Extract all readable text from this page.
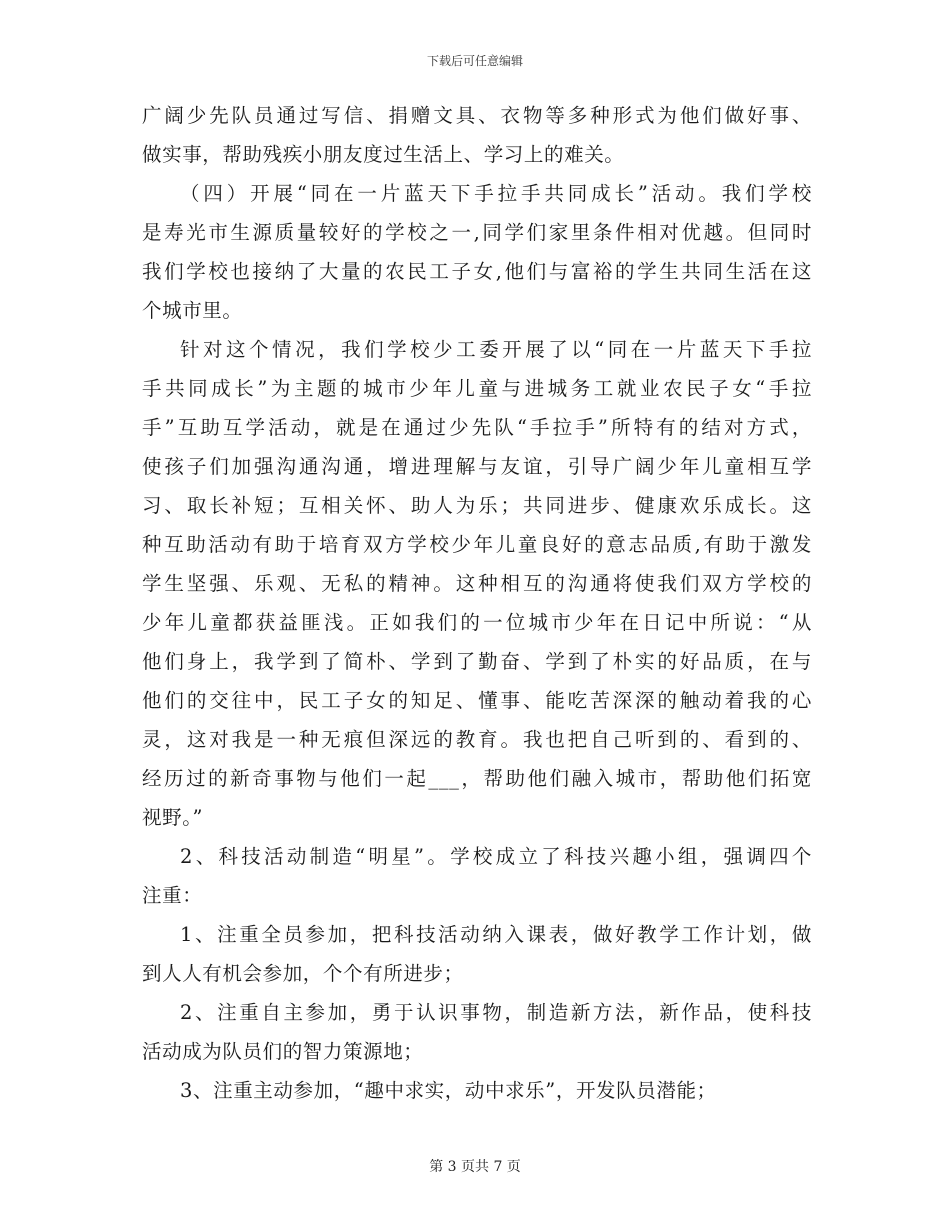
下载后可任意编辑
广阔少先队员通过写信、捐赠文具、衣物等多种形式为他们做好事、
做实事，帮助残疾小朋友度过生活上、学习上的难关。
（四）开展“同在一片蓝天下手拉手共同成长”活动。我们学校
是寿光市生源质量较好的学校之一,同学们家里条件相对优越。但同时
我们学校也接纳了大量的农民工子女,他们与富裕的学生共同生活在这
个城市里。
针对这个情况，我们学校少工委开展了以“同在一片蓝天下手拉
手共同成长”为主题的城市少年儿童与进城务工就业农民子女“手拉
手”互助互学活动，就是在通过少先队“手拉手”所特有的结对方式，
使孩子们加强沟通沟通，增进理解与友谊，引导广阔少年儿童相互学
习、取长补短；互相关怀、助人为乐；共同进步、健康欢乐成长。这
种互助活动有助于培育双方学校少年儿童良好的意志品质,有助于激发
学生坚强、乐观、无私的精神。这种相互的沟通将使我们双方学校的
少年儿童都获益匪浅。正如我们的一位城市少年在日记中所说：“从
他们身上，我学到了简朴、学到了勤奋、学到了朴实的好品质，在与
他们的交往中，民工子女的知足、懂事、能吃苦深深的触动着我的心
灵，这对我是一种无痕但深远的教育。我也把自己听到的、看到的、
经历过的新奇事物与他们一起___，帮助他们融入城市，帮助他们拓宽
视野。”
2、科技活动制造“明星”。学校成立了科技兴趣小组，强调四个
注重：
1、注重全员参加，把科技活动纳入课表，做好教学工作计划，做
到人人有机会参加，个个有所进步；
2、注重自主参加，勇于认识事物，制造新方法，新作品，使科技
活动成为队员们的智力策源地；
3、注重主动参加，“趣中求实，动中求乐”，开发队员潜能；
第 3 页共 7 页
